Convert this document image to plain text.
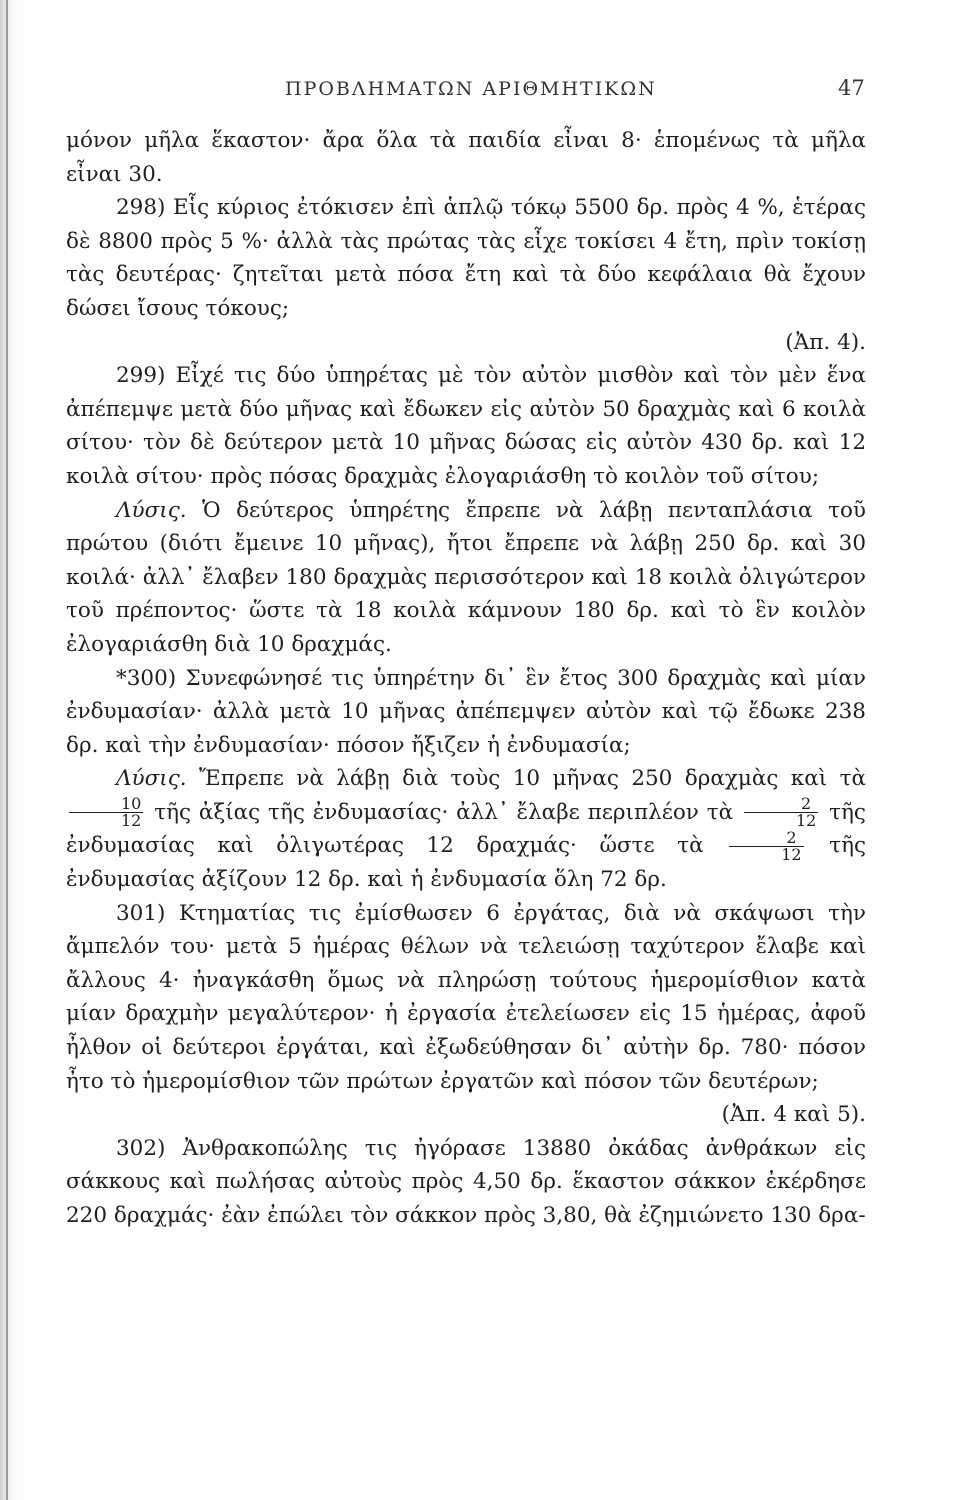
ΠΡΟΒΛΗΜΑΤΩΝ ΑΡΙΘΜΗΤΙΚΩΝ	47

μόνον μῆλα ἕκαστον· ἄρα ὅλα τὰ παιδία εἶναι 8· ἑπομένως τὰ μῆλα εἶναι 30.

298) Εἷς κύριος ἐτόκισεν ἐπὶ ἁπλῷ τόκῳ 5500 δρ. πρὸς 4 %, ἑτέρας δὲ 8800 πρὸς 5 %· ἀλλὰ τὰς πρώτας τὰς εἶχε τοκίσει 4 ἔτη, πρὶν τοκίσῃ τὰς δευτέρας· ζητεῖται μετὰ πόσα ἔτη καὶ τὰ δύο κεφάλαια θὰ ἔχουν δώσει ἴσους τόκους;

(Ἀπ. 4).

299) Εἶχέ τις δύο ὑπηρέτας μὲ τὸν αὐτὸν μισθὸν καὶ τὸν μὲν ἕνα ἀπέπεμψε μετὰ δύο μῆνας καὶ ἔδωκεν εἰς αὐτὸν 50 δραχμὰς καὶ 6 κοιλὰ σίτου· τὸν δὲ δεύτερον μετὰ 10 μῆνας δώσας εἰς αὐτὸν 430 δρ. καὶ 12 κοιλὰ σίτου· πρὸς πόσας δραχμὰς ἐλογαριάσθη τὸ κοιλὸν τοῦ σίτου;

Λύσις. Ὁ δεύτερος ὑπηρέτης ἔπρεπε νὰ λάβῃ πενταπλάσια τοῦ πρώτου (διότι ἔμεινε 10 μῆνας), ἤτοι ἔπρεπε νὰ λάβῃ 250 δρ. καὶ 30 κοιλά· ἀλλ᾽ ἔλαβεν 180 δραχμὰς περισσότερον καὶ 18 κοιλὰ ὀλιγώτερον τοῦ πρέποντος· ὥστε τὰ 18 κοιλὰ κάμνουν 180 δρ. καὶ τὸ ἓν κοιλὸν ἐλογαριάσθη διὰ 10 δραχμάς.

*300) Συνεφώνησέ τις ὑπηρέτην δι᾽ ἓν ἔτος 300 δραχμὰς καὶ μίαν ἐνδυμασίαν· ἀλλὰ μετὰ 10 μῆνας ἀπέπεμψεν αὐτὸν καὶ τῷ ἔδωκε 238 δρ. καὶ τὴν ἐνδυμασίαν· πόσον ἤξιζεν ἡ ἐνδυμασία;

Λύσις. Ἔπρεπε νὰ λάβῃ διὰ τοὺς 10 μῆνας 250 δραχμὰς καὶ τὰ
$\frac{10}{12}$ τῆς ἀξίας τῆς ἐνδυμασίας· ἀλλ᾽ ἔλαβε περιπλέον τὰ $\frac{2}{12}$ τῆς ἐνδυμασίας καὶ ὀλιγωτέρας 12 δραχμάς· ὥστε τὰ $\frac{2}{12}$ τῆς ἐνδυμασίας ἀξίζουν 12 δρ. καὶ ἡ ἐνδυμασία ὅλη 72 δρ.

301) Κτηματίας τις ἐμίσθωσεν 6 ἐργάτας, διὰ νὰ σκάψωσι τὴν ἄμπελόν του· μετὰ 5 ἡμέρας θέλων νὰ τελειώσῃ ταχύτερον ἔλαβε καὶ ἄλλους 4· ἠναγκάσθη ὅμως νὰ πληρώσῃ τούτους ἡμερομίσθιον κατὰ μίαν δραχμὴν μεγαλύτερον· ἡ ἐργασία ἐτελείωσεν εἰς 15 ἡμέρας, ἀφοῦ ἦλθον οἱ δεύτεροι ἐργάται, καὶ ἐξωδεύθησαν δι᾽ αὐτὴν δρ. 780· πόσον ἦτο τὸ ἡμερομίσθιον τῶν πρώτων ἐργατῶν καὶ πόσον τῶν δευτέρων;

(Ἀπ. 4 καὶ 5).

302) Ἀνθρακοπώλης τις ἠγόρασε 13880 ὀκάδας ἀνθράκων εἰς σάκκους καὶ πωλήσας αὐτοὺς πρὸς 4,50 δρ. ἕκαστον σάκκον ἐκέρδησε 220 δραχμάς· ἐὰν ἐπώλει τὸν σάκκον πρὸς 3,80, θὰ ἐζημιώνετο 130 δρα-
